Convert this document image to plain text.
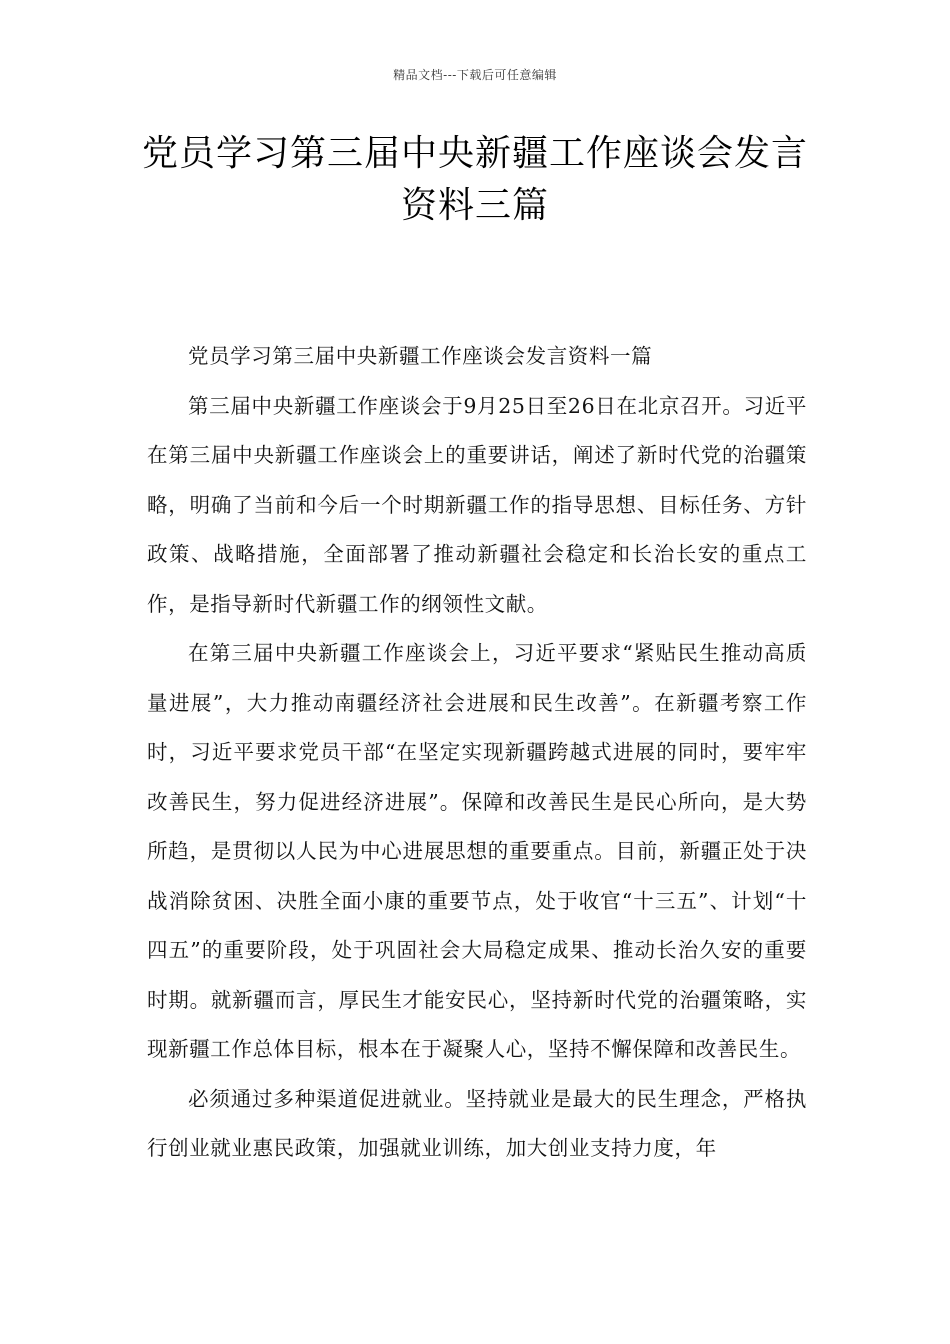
精品文档---下载后可任意编辑
党员学习第三届中央新疆工作座谈会发言资料三篇

党员学习第三届中央新疆工作座谈会发言资料一篇

第三届中央新疆工作座谈会于9月25日至26日在北京召开。习近平在第三届中央新疆工作座谈会上的重要讲话，阐述了新时代党的治疆策略，明确了当前和今后一个时期新疆工作的指导思想、目标任务、方针政策、战略措施，全面部署了推动新疆社会稳定和长治长安的重点工作，是指导新时代新疆工作的纲领性文献。

在第三届中央新疆工作座谈会上，习近平要求“紧贴民生推动高质量进展”，大力推动南疆经济社会进展和民生改善”。在新疆考察工作时，习近平要求党员干部“在坚定实现新疆跨越式进展的同时，要牢牢改善民生，努力促进经济进展”。保障和改善民生是民心所向，是大势所趋，是贯彻以人民为中心进展思想的重要重点。目前，新疆正处于决战消除贫困、决胜全面小康的重要节点，处于收官“十三五”、计划“十四五”的重要阶段，处于巩固社会大局稳定成果、推动长治久安的重要时期。就新疆而言，厚民生才能安民心，坚持新时代党的治疆策略，实现新疆工作总体目标，根本在于凝聚人心，坚持不懈保障和改善民生。

必须通过多种渠道促进就业。坚持就业是最大的民生理念，严格执行创业就业惠民政策，加强就业训练，加大创业支持力度，年
